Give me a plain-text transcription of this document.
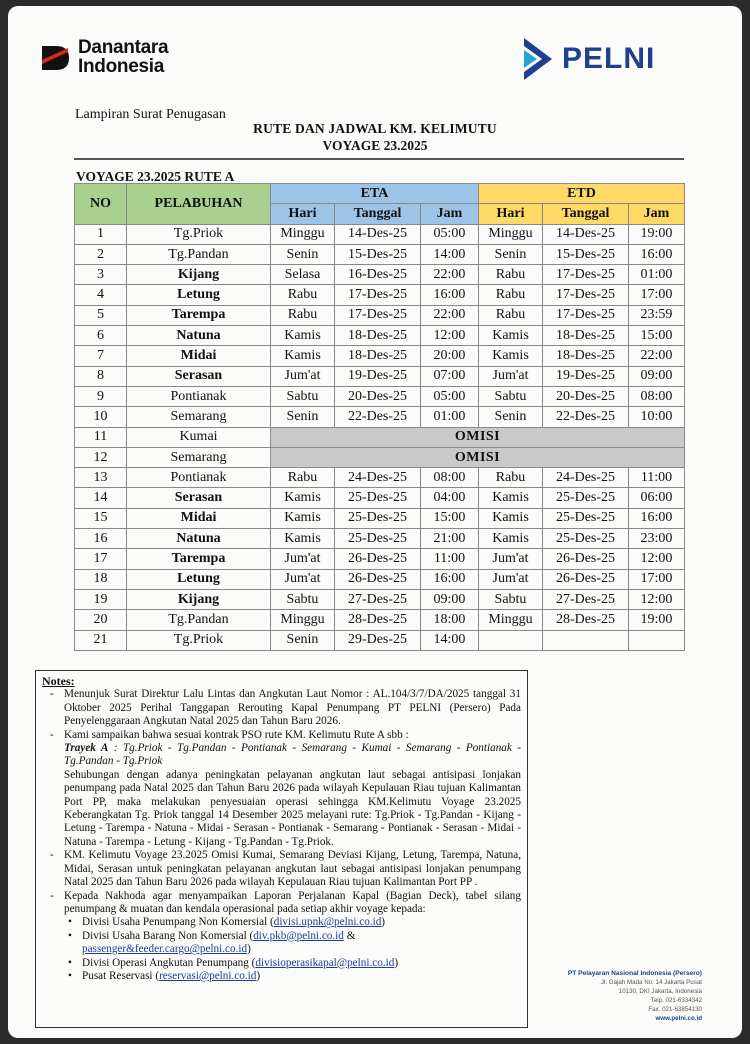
Danantara
Indonesia	PELNI
Lampiran Surat Penugasan
RUTE DAN JADWAL KM. KELIMUTU
VOYAGE 23.2025
VOYAGE 23.2025 RUTE A
NO	PELABUHAN	ETA			ETD		
		Hari	Tanggal	Jam	Hari	Tanggal	Jam
1	Tg.Priok	Minggu	14-Des-25	05:00	Minggu	14-Des-25	19:00
2	Tg.Pandan	Senin	15-Des-25	14:00	Senin	15-Des-25	16:00
3	Kijang	Selasa	16-Des-25	22:00	Rabu	17-Des-25	01:00
4	Letung	Rabu	17-Des-25	16:00	Rabu	17-Des-25	17:00
5	Tarempa	Rabu	17-Des-25	22:00	Rabu	17-Des-25	23:59
6	Natuna	Kamis	18-Des-25	12:00	Kamis	18-Des-25	15:00
7	Midai	Kamis	18-Des-25	20:00	Kamis	18-Des-25	22:00
8	Serasan	Jum'at	19-Des-25	07:00	Jum'at	19-Des-25	09:00
9	Pontianak	Sabtu	20-Des-25	05:00	Sabtu	20-Des-25	08:00
10	Semarang	Senin	22-Des-25	01:00	Senin	22-Des-25	10:00
11	Kumai	OMISI					
12	Semarang	OMISI					
13	Pontianak	Rabu	24-Des-25	08:00	Rabu	24-Des-25	11:00
14	Serasan	Kamis	25-Des-25	04:00	Kamis	25-Des-25	06:00
15	Midai	Kamis	25-Des-25	15:00	Kamis	25-Des-25	16:00
16	Natuna	Kamis	25-Des-25	21:00	Kamis	25-Des-25	23:00
17	Tarempa	Jum'at	26-Des-25	11:00	Jum'at	26-Des-25	12:00
18	Letung	Jum'at	26-Des-25	16:00	Jum'at	26-Des-25	17:00
19	Kijang	Sabtu	27-Des-25	09:00	Sabtu	27-Des-25	12:00
20	Tg.Pandan	Minggu	28-Des-25	18:00	Minggu	28-Des-25	19:00
21	Tg.Priok	Senin	29-Des-25	14:00			
Notes:
- Menunjuk Surat Direktur Lalu Lintas dan Angkutan Laut Nomor : AL.104/3/7/DA/2025 tanggal 31 Oktober 2025 Perihal Tanggapan Rerouting Kapal Penumpang PT PELNI (Persero) Pada Penyelenggaraan Angkutan Natal 2025 dan Tahun Baru 2026.

- Kami sampaikan bahwa sesuai kontrak PSO rute KM. Kelimutu Rute A sbb :

Trayek A : Tg.Priok - Tg.Pandan - Pontianak - Semarang - Kumai - Semarang - Pontianak - Tg.Pandan - Tg.Priok

Sehubungan dengan adanya peningkatan pelayanan angkutan laut sebagai antisipasi lonjakan penumpang pada Natal 2025 dan Tahun Baru 2026 pada wilayah Kepulauan Riau tujuan Kalimantan Port PP, maka melakukan penyesuaian operasi sehingga KM.Kelimutu Voyage 23.2025 Keberangkatan Tg. Priok tanggal 14 Desember 2025 melayani rute: Tg.Priok - Tg.Pandan - Kijang - Letung - Tarempa - Natuna - Midai - Serasan - Pontianak - Semarang - Pontianak - Serasan - Midai - Natuna - Tarempa - Letung - Kijang - Tg.Pandan - Tg.Priok.

- KM. Kelimutu Voyage 23.2025 Omisi Kumai, Semarang Deviasi Kijang, Letung, Tarempa, Natuna, Midai, Serasan untuk peningkatan pelayanan angkutan laut sebagai antisipasi lonjakan penumpang Natal 2025 dan Tahun Baru 2026 pada wilayah Kepulauan Riau tujuan Kalimantan Port PP .

- Kepada Nakhoda agar menyampaikan Laporan Perjalanan Kapal (Bagian Deck), tabel silang penumpang & muatan dan kendala operasional pada setiap akhir voyage kepada:

• Divisi Usaha Penumpang Non Komersial (divisi.upnk@pelni.co.id)
• Divisi Usaha Barang Non Komersial (div.pkb@pelni.co.id &
passenger&feeder.cargo@pelni.co.id)
• Divisi Operasi Angkutan Penumpang (divisioperasikapal@pelni.co.id)
• Pusat Reservasi (reservasi@pelni.co.id)	PT Pelayaran Nasional Indonesia (Persero)
Jl. Gajah Mada No. 14 Jakarta Pusat
10130, DKI Jakarta, Indonesia
Telp. 021-6334342
Fax. 021-63854130
www.pelni.co.id
